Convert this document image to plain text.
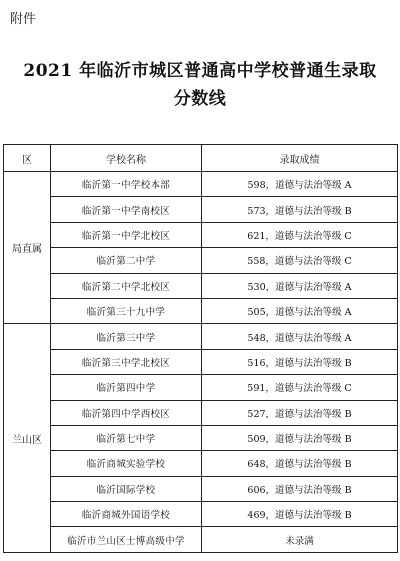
附件
2021 年临沂市城区普通高中学校普通生录取
分数线
区	学校名称	录取成绩
局直属	临沂第一中学校本部	598，道德与法治等级 A
	临沂第一中学南校区	573，道德与法治等级 B
	临沂第一中学北校区	621，道德与法治等级 C
	临沂第二中学	558，道德与法治等级 C
	临沂第二中学北校区	530，道德与法治等级 A
	临沂第三十九中学	505，道德与法治等级 A
兰山区	临沂第三中学	548，道德与法治等级 A
	临沂第三中学北校区	516，道德与法治等级 B
	临沂第四中学	591，道德与法治等级 C
	临沂第四中学西校区	527，道德与法治等级 B
	临沂第七中学	509，道德与法治等级 B
	临沂商城实验学校	648，道德与法治等级 B
	临沂国际学校	606，道德与法治等级 B
	临沂商城外国语学校	469，道德与法治等级 B
	临沂市兰山区士博高级中学	未录满
